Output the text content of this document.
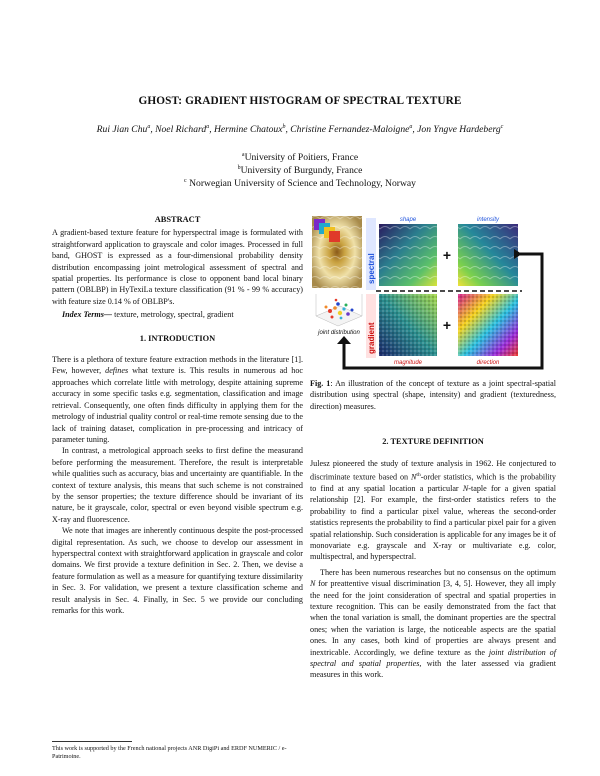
GHOST: GRADIENT HISTOGRAM OF SPECTRAL TEXTURE
Rui Jian Chu$^a$, Noel Richard$^a$, Hermine Chatoux$^b$, Christine Fernandez-Maloigne$^a$, Jon Yngve Hardeberg$^c$
$^a$University of Poitiers, France
$^b$University of Burgundy, France
$^c$ Norwegian University of Science and Technology, Norway

ABSTRACT

A gradient-based texture feature for hyperspectral image is formulated with straightforward application to grayscale and color images. Processed in full band, GHOST is expressed as a four-dimensional probability density distribution encompassing joint metrological assessment of spectral and spatial properties. Its performance is close to opponent band local binary pattern (OBLBP) in HyTexiLa texture classification (91 % - 99 % accuracy) with feature size 0.14 % of OBLBP's.

Index Terms— texture, metrology, spectral, gradient

1. INTRODUCTION

There is a plethora of texture feature extraction methods in the literature [1]. Few, however, defines what texture is. This results in numerous ad hoc approaches which correlate little with metrology, despite attaining supreme accuracy in some specific tasks e.g. segmentation, classification and image retrieval. Consequently, one often finds difficulty in applying them for the metrology of industrial quality control or real-time remote sensing due to the lack of training dataset, complication in pre-processing and intricacy of parameter tuning.

In contrast, a metrological approach seeks to first define the measurand before performing the measurement. Therefore, the result is interpretable while qualities such as accuracy, bias and uncertainty are quantifiable. In the context of texture analysis, this means that such scheme is not constrained by the sensor properties; the texture difference should be invariant of its nature, be it grayscale, color, spectral or even beyond visible spectrum e.g. X-ray and fluorescence.

We note that images are inherently continuous despite the post-processed digital representation. As such, we choose to develop our assessment in hyperspectral context with straightforward application in grayscale and color domains. We first provide a texture definition in Sec. 2. Then, we devise a feature formulation as well as a measure for quantifying texture dissimilarity in Sec. 3. For validation, we present a texture classification scheme and result analysis in Sec. 4. Finally, in Sec. 5 we provide our concluding remarks for this work.

This work is supported by the French national projects ANR DigiPi and ERDF NUMERIC / e-Patrimoine.
joint distribution
spectral
gradient
shape
+
intensity
magnitude
+
direction
Fig. 1: An illustration of the concept of texture as a joint spectral-spatial distribution using spectral (shape, intensity) and gradient (texturedness, direction) measures.

2. TEXTURE DEFINITION

Julesz pioneered the study of texture analysis in 1962. He conjectured to discriminate texture based on $N^{th}$-order statistics, which is the probability to find at any spatial location a particular N-taple for a given spatial relationship [2]. For example, the first-order statistics refers to the probability to find a particular pixel value, whereas the second-order statistics represents the probability to find a particular pixel pair for a given spatial relationship. Such consideration is applicable for any images be it of monovariate e.g. grayscale and X-ray or multivariate e.g. color, multispectral, and hyperspectral.

There has been numerous researches but no consensus on the optimum N for preattentive visual discrimination [3, 4, 5]. However, they all imply the need for the joint consideration of spectral and spatial properties in texture recognition. This can be easily demonstrated from the fact that when the tonal variation is small, the dominant properties are the spectral ones; when the variation is large, the noticeable aspects are the spatial ones. In any cases, both kind of properties are always present and inextricable. Accordingly, we define texture as the joint distribution of spectral and spatial properties, with the later assessed via gradient measures in this work.
